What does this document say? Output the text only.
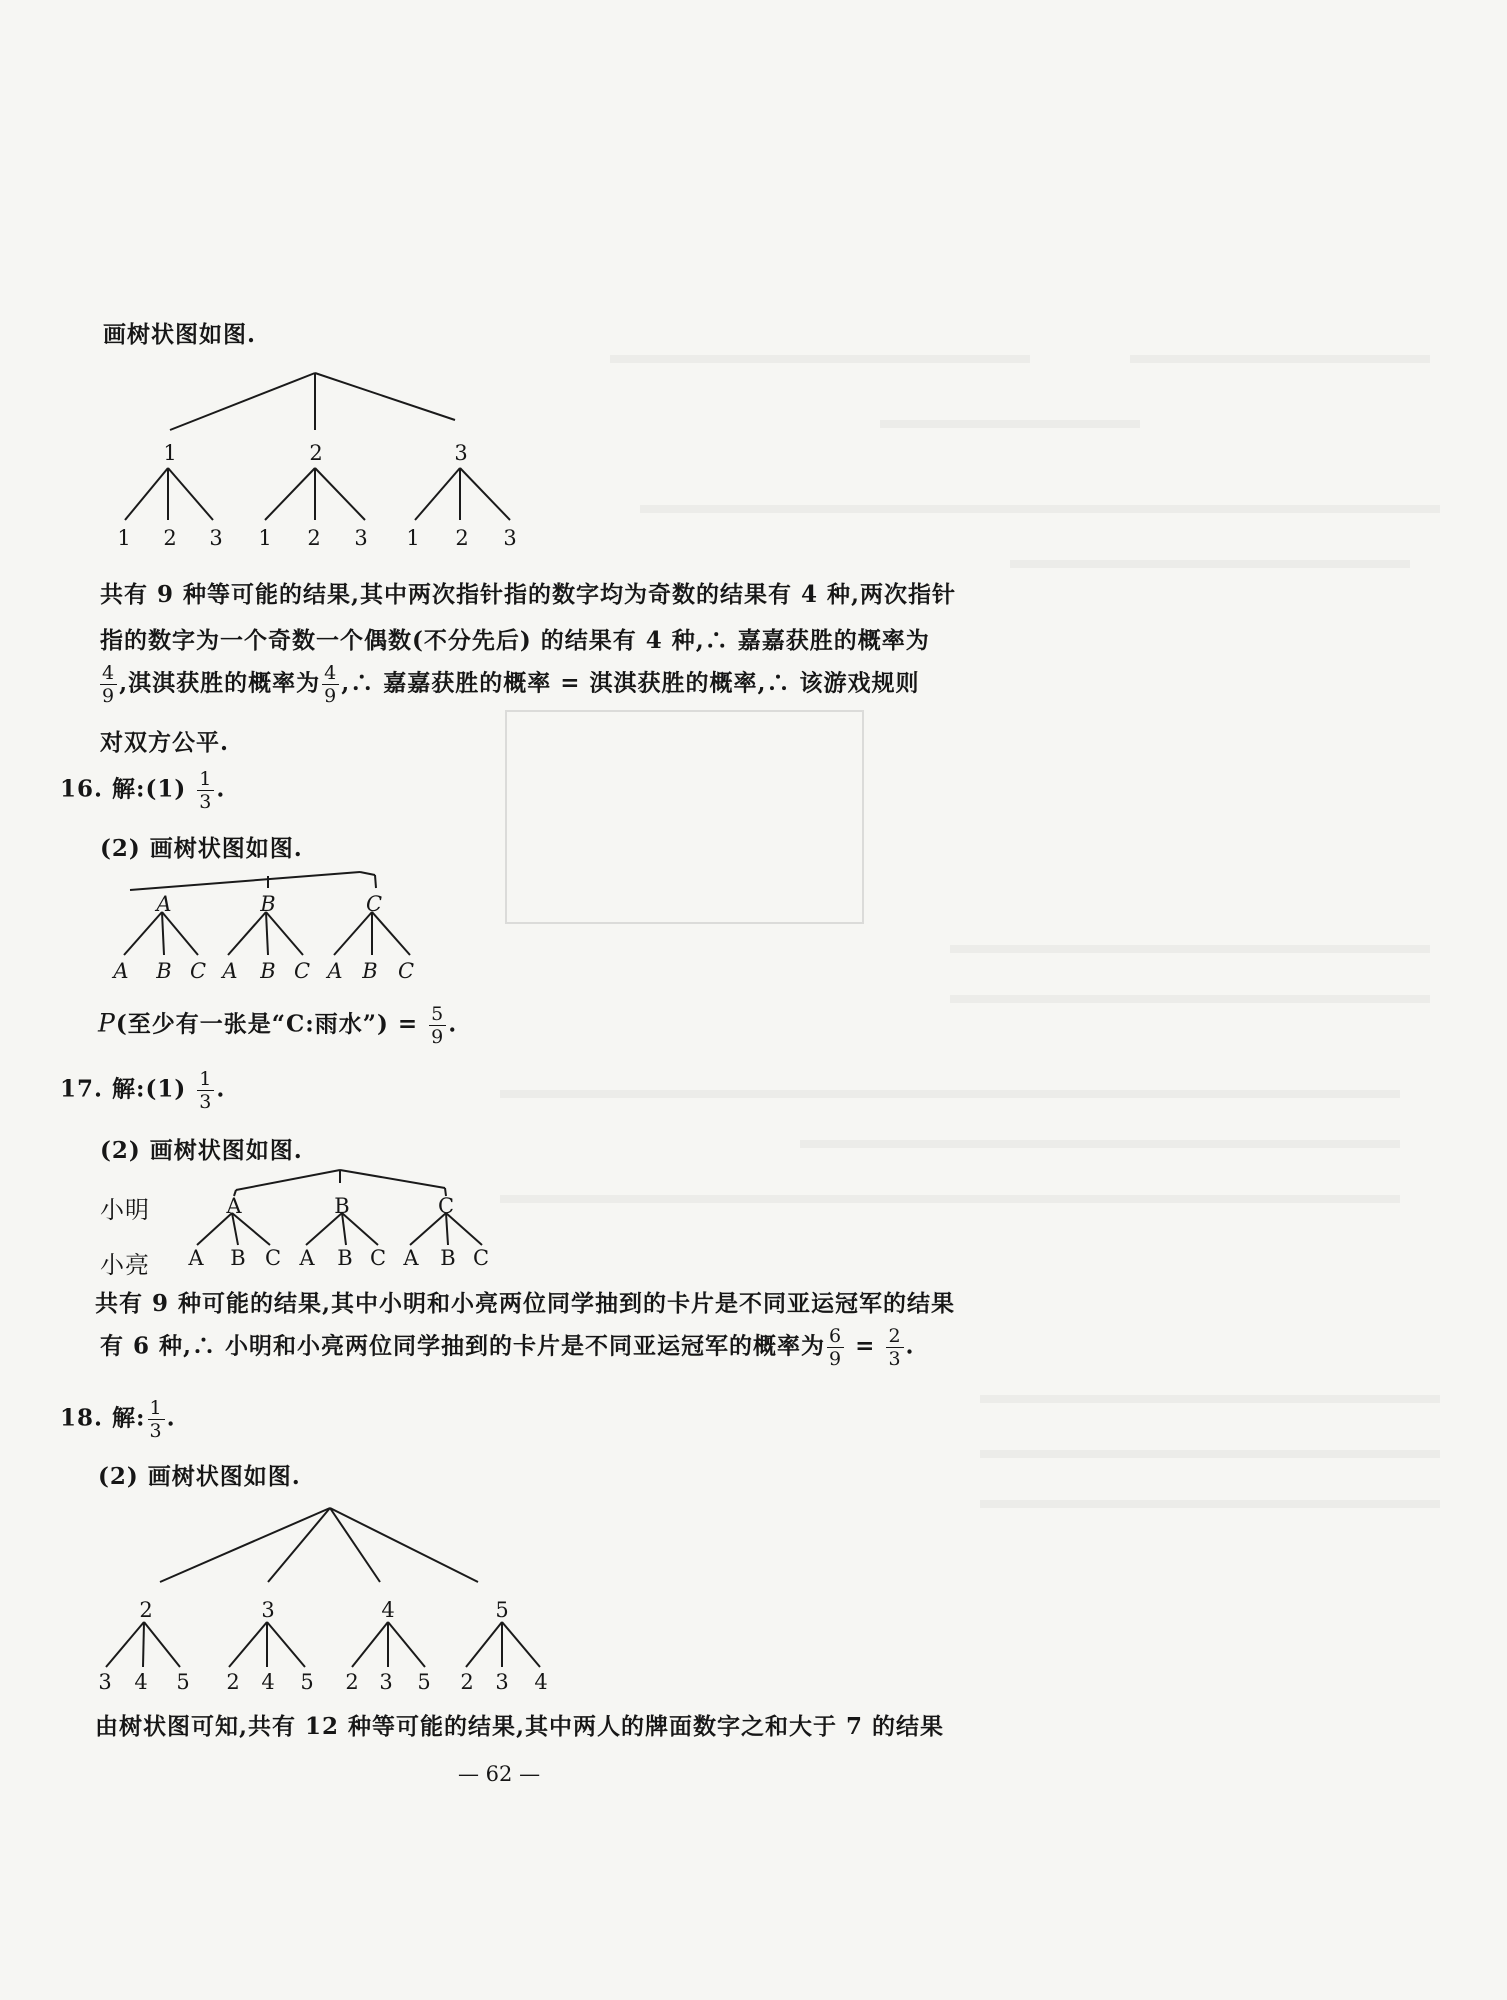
画树状图如图.
1	2	3
1 2 3 1 2 3 1 2 3
共有 9 种等可能的结果,其中两次指针指的数字均为奇数的结果有 4 种,两次指针
指的数字为一个奇数一个偶数(不分先后) 的结果有 4 种,∴ 嘉嘉获胜的概率为
$\frac{4}{9}$ ,淇淇获胜的概率为 $\frac{4}{9}$ ,∴ 嘉嘉获胜的概率 = 淇淇获胜的概率,∴ 该游戏规则
对双方公平.
16. 解:(1) $\frac{1}{3}$ .
(2) 画树状图如图.
A	B	C
A B C A B C A B C
P(至少有一张是“C:雨水”) = $\frac{5}{9}$ .
17. 解:(1) $\frac{1}{3}$ .
(2) 画树状图如图.
小明
小亮
A	B	C
A B C A B C A B C
共有 9 种可能的结果,其中小明和小亮两位同学抽到的卡片是不同亚运冠军的结果
有 6 种,∴ 小明和小亮两位同学抽到的卡片是不同亚运冠军的概率为 $\frac{6}{9} = \frac{2}{3}$ .
18. 解: $\frac{1}{3}$ .
(2) 画树状图如图.
2	3	4	5
3 4 5 2 4 5 2 3 5 2 3 4
由树状图可知,共有 12 种等可能的结果,其中两人的牌面数字之和大于 7 的结果
— 62 —
